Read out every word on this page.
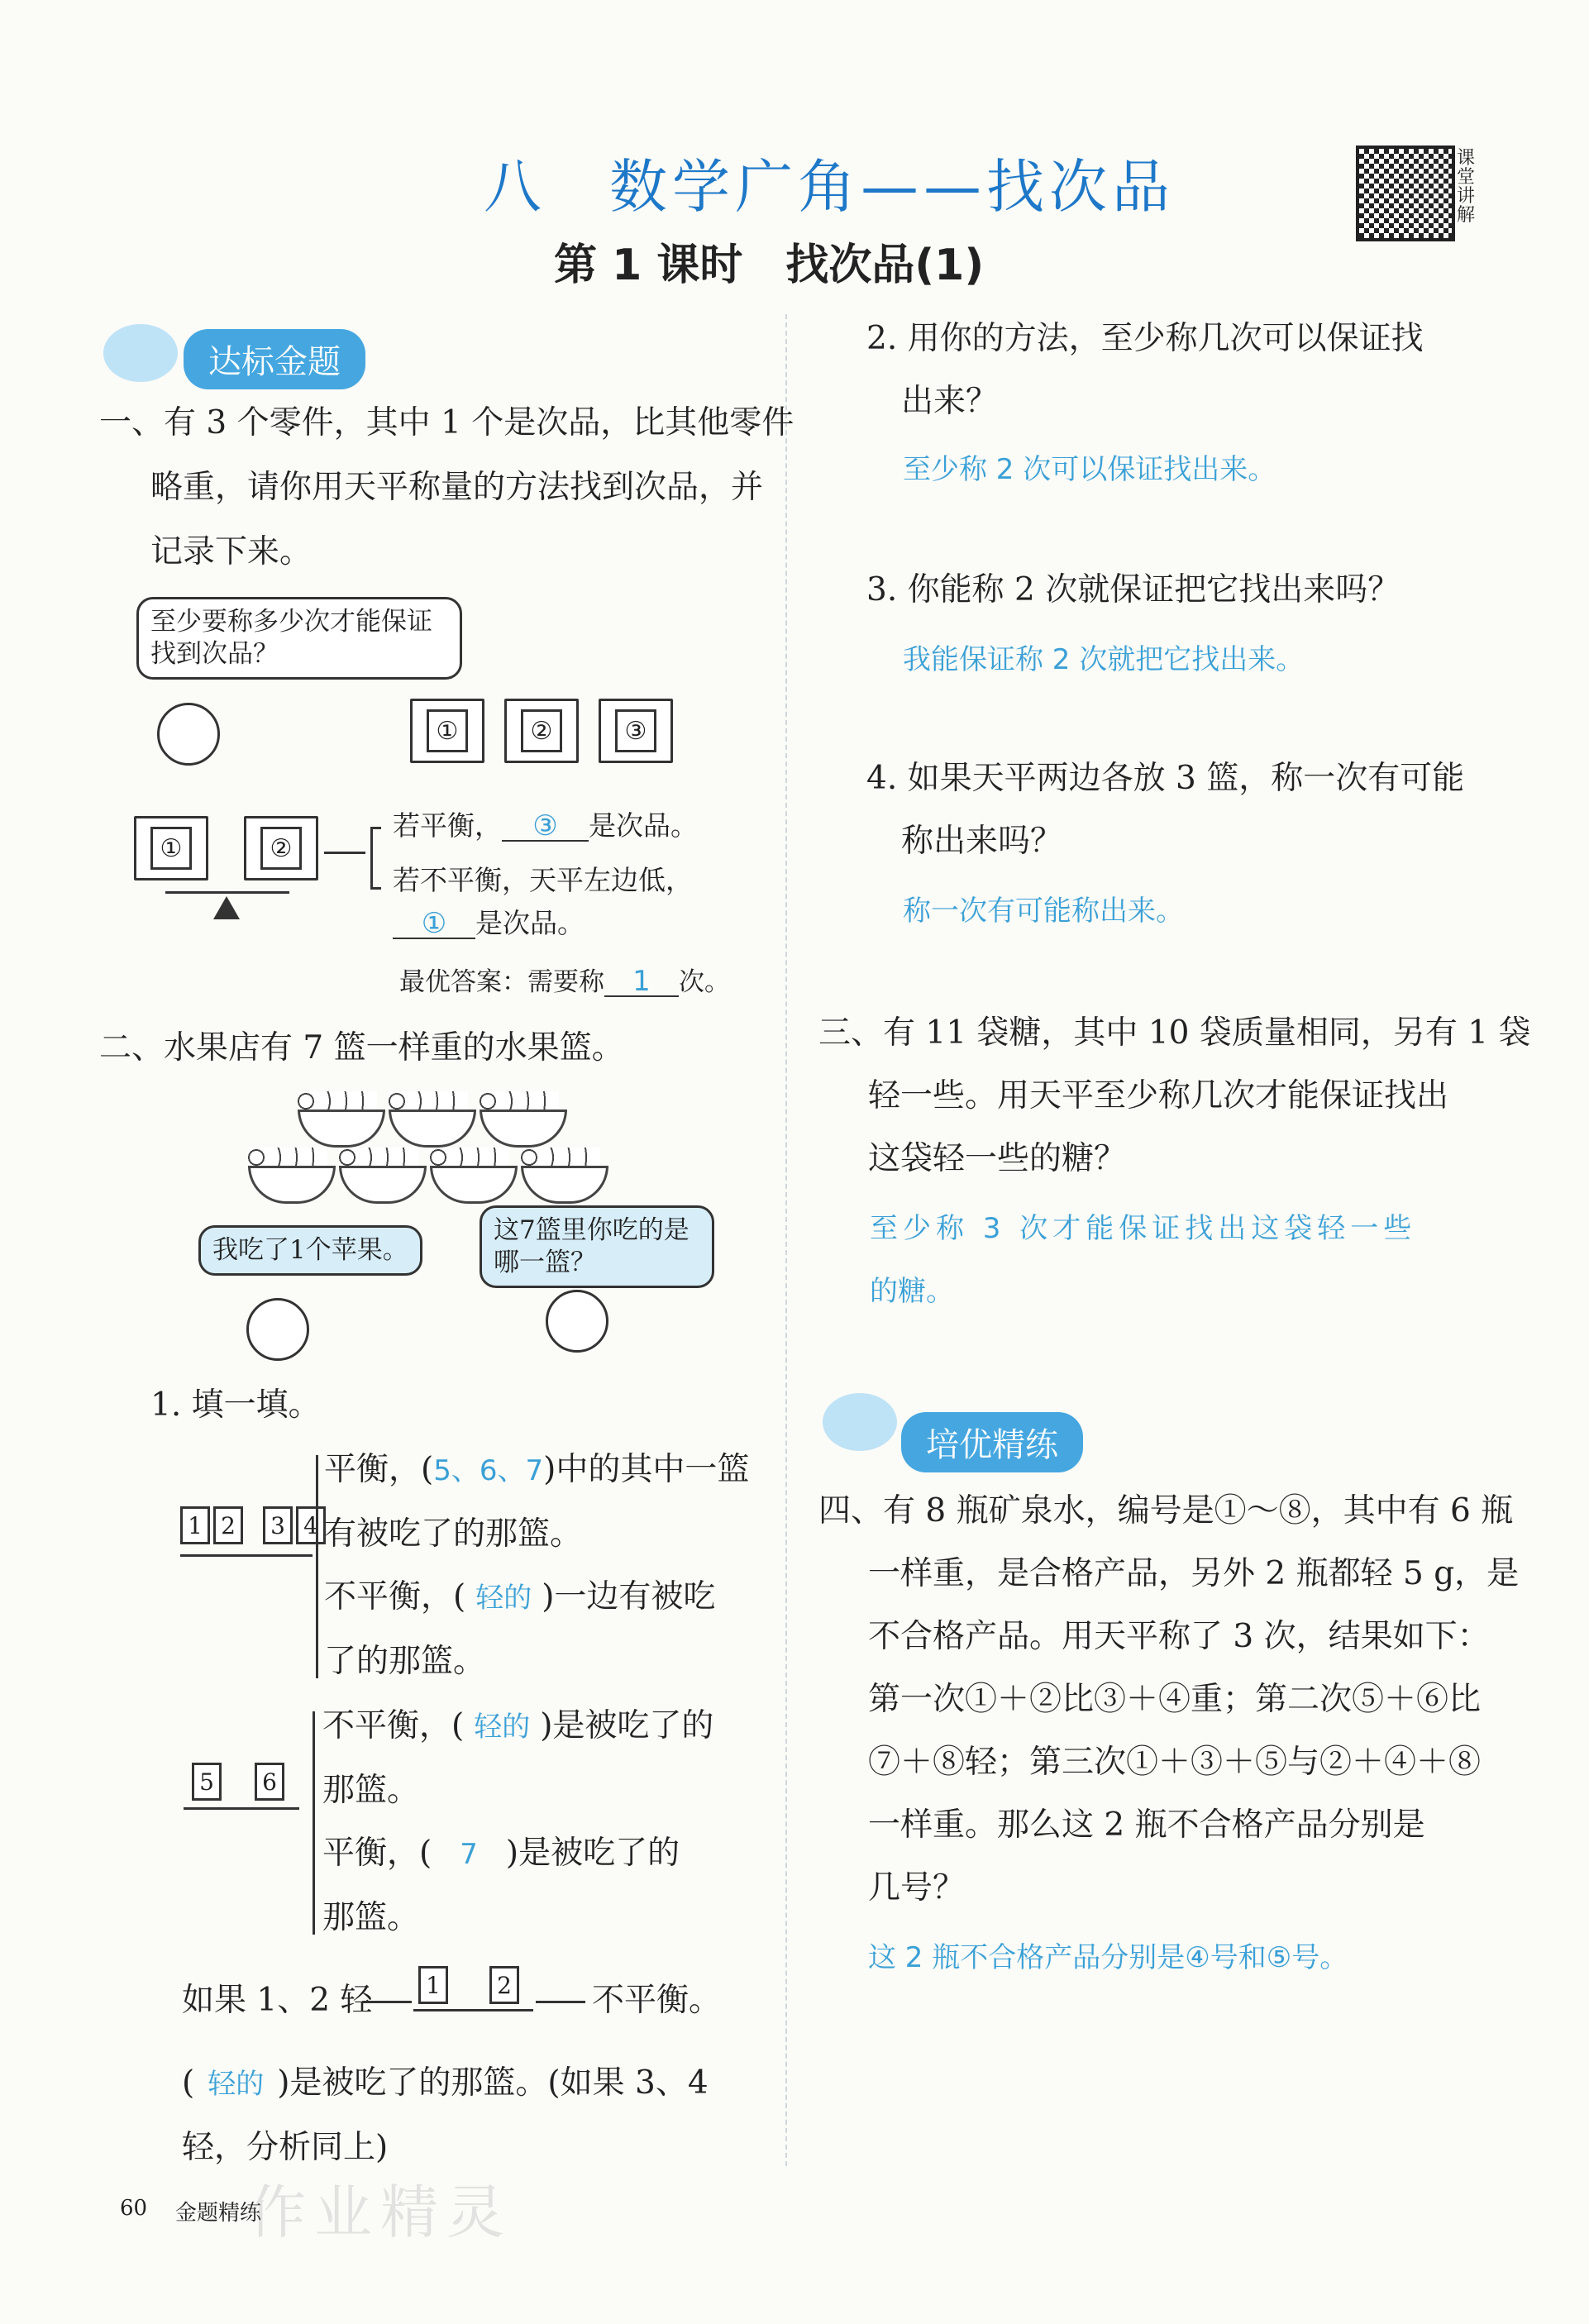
八　数学广角——找次品
第 1 课时　找次品(1)
课 堂 讲 解
达标金题
一、有 3 个零件，其中 1 个是次品，比其他零件
略重，请你用天平称量的方法找到次品，并
记录下来。
至少要称多少次才能保证找到次品？
①	②	③
①	②
若平衡， ③ 是次品。
若不平衡，天平左边低，
① 是次品。
最优答案：需要称 1 次。
二、水果店有 7 篮一样重的水果篮。
我吃了1个苹果。
这7篮里你吃的是哪一篮？
1. 填一填。
1 2	3 4
平衡，(5、6、7)中的其中一篮
有被吃了的那篮。
不平衡，( 轻的 )一边有被吃
了的那篮。
5	6
不平衡，( 轻的 )是被吃了的
那篮。
平衡，( 7 )是被吃了的
那篮。
如果 1、2 轻	1	2 不平衡。
( 轻的 )是被吃了的那篮。(如果 3、4
轻，分析同上)
2. 用你的方法，至少称几次可以保证找
出来？
至少称 2 次可以保证找出来。
3. 你能称 2 次就保证把它找出来吗？
我能保证称 2 次就把它找出来。
4. 如果天平两边各放 3 篮，称一次有可能
称出来吗？
称一次有可能称出来。
三、有 11 袋糖，其中 10 袋质量相同，另有 1 袋
轻一些。用天平至少称几次才能保证找出
这袋轻一些的糖？
至少称 3 次才能保证找出这袋轻一些
的糖。
培优精练
四、有 8 瓶矿泉水，编号是①～⑧，其中有 6 瓶
一样重，是合格产品，另外 2 瓶都轻 5 g，是
不合格产品。用天平称了 3 次，结果如下：
第一次①＋②比③＋④重；第二次⑤＋⑥比
⑦＋⑧轻；第三次①＋③＋⑤与②＋④＋⑧
一样重。那么这 2 瓶不合格产品分别是
几号？
这 2 瓶不合格产品分别是④号和⑤号。
60 金题精练
作业精灵
